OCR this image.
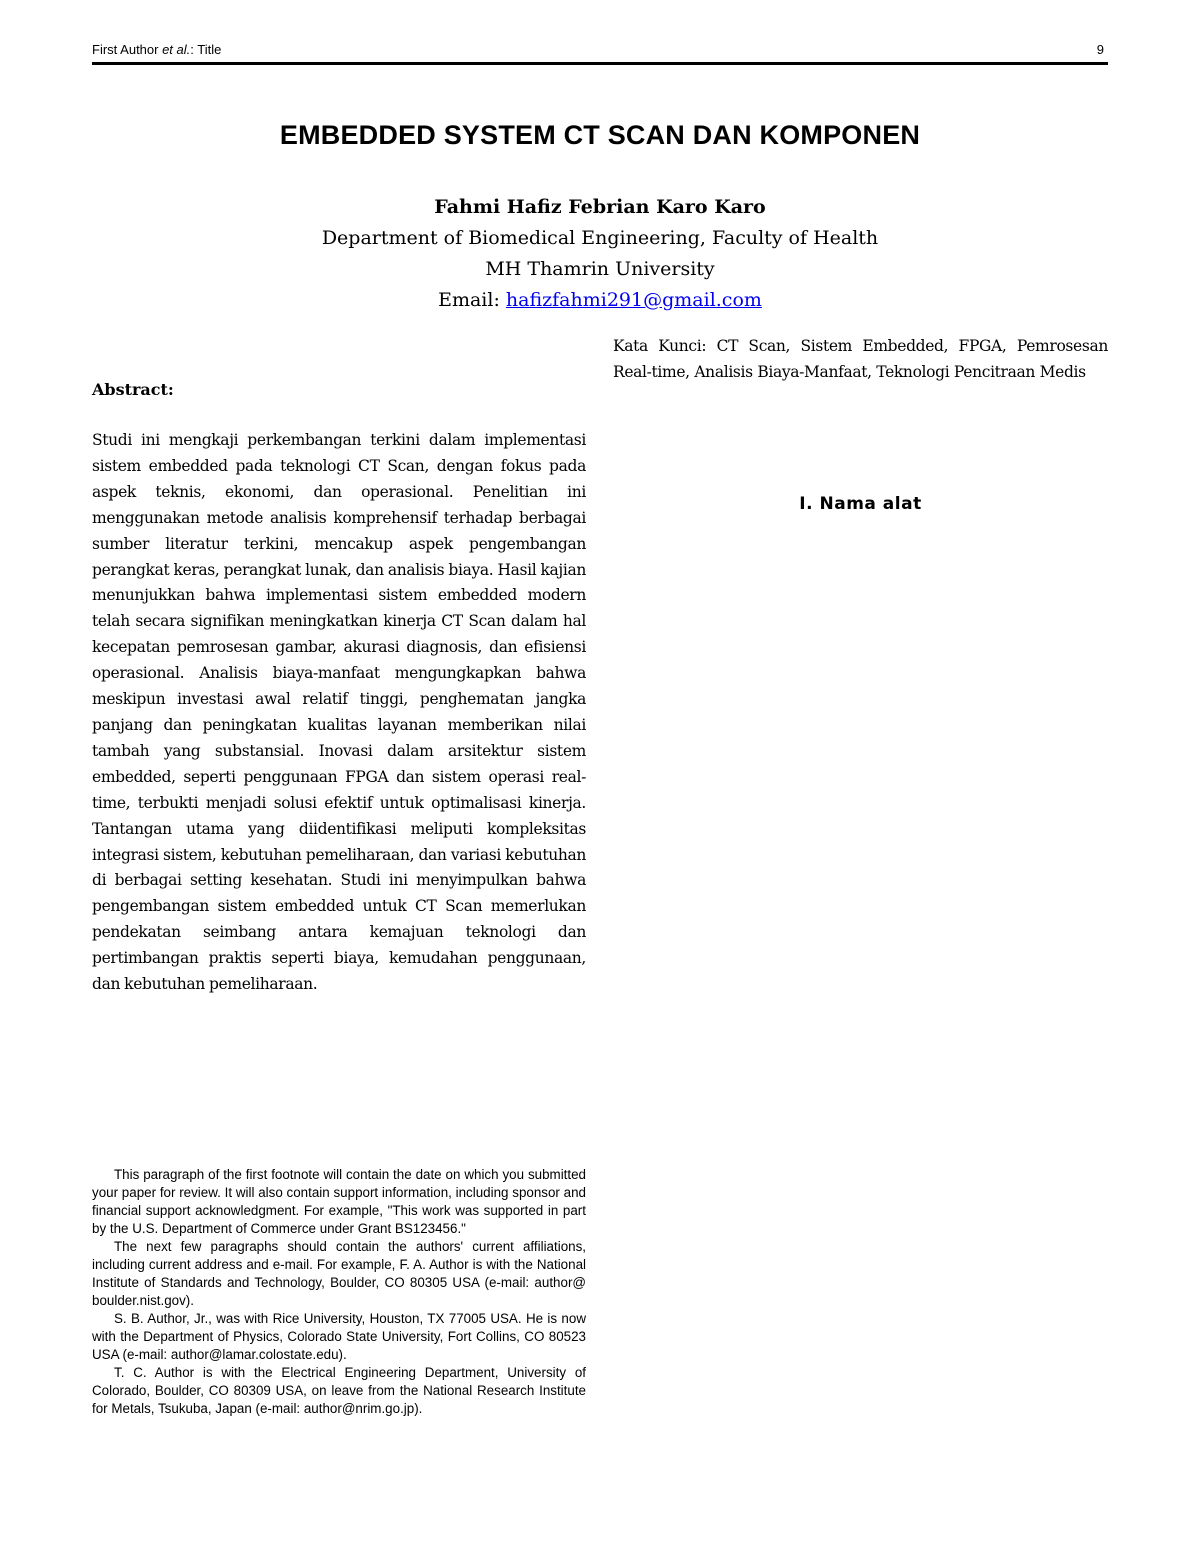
First Author et al.: Title	9
EMBEDDED SYSTEM CT SCAN DAN KOMPONEN
Fahmi Hafiz Febrian Karo Karo
Department of Biomedical Engineering, Faculty of Health
MH Thamrin University
Email: hafizfahmi291@gmail.com

Abstract:

Studi ini mengkaji perkembangan terkini dalam implementasi sistem embedded pada teknologi CT Scan, dengan fokus pada aspek teknis, ekonomi, dan operasional. Penelitian ini menggunakan metode analisis komprehensif terhadap berbagai sumber literatur terkini, mencakup aspek pengembangan perangkat keras, perangkat lunak, dan analisis biaya. Hasil kajian menunjukkan bahwa implementasi sistem embedded modern telah secara signifikan meningkatkan kinerja CT Scan dalam hal kecepatan pemrosesan gambar, akurasi diagnosis, dan efisiensi operasional. Analisis biaya-manfaat mengungkapkan bahwa meskipun investasi awal relatif tinggi, penghematan jangka panjang dan peningkatan kualitas layanan memberikan nilai tambah yang substansial. Inovasi dalam arsitektur sistem embedded, seperti penggunaan FPGA dan sistem operasi real-time, terbukti menjadi solusi efektif untuk optimalisasi kinerja. Tantangan utama yang diidentifikasi meliputi kompleksitas integrasi sistem, kebutuhan pemeliharaan, dan variasi kebutuhan di berbagai setting kesehatan. Studi ini menyimpulkan bahwa pengembangan sistem embedded untuk CT Scan memerlukan pendekatan seimbang antara kemajuan teknologi dan pertimbangan praktis seperti biaya, kemudahan penggunaan, dan kebutuhan pemeliharaan.

Kata Kunci: CT Scan, Sistem Embedded, FPGA, Pemrosesan Real-time, Analisis Biaya-Manfaat, Teknologi Pencitraan Medis

I. Nama alat

This paragraph of the first footnote will contain the date on which you submitted your paper for review. It will also contain support information, including sponsor and financial support acknowledgment. For example, "This work was supported in part by the U.S. Department of Commerce under Grant BS123456."

The next few paragraphs should contain the authors' current affiliations, including current address and e-mail. For example, F. A. Author is with the National Institute of Standards and Technology, Boulder, CO 80305 USA (e-mail: author@ boulder.nist.gov).

S. B. Author, Jr., was with Rice University, Houston, TX 77005 USA. He is now with the Department of Physics, Colorado State University, Fort Collins, CO 80523 USA (e-mail: author@lamar.colostate.edu).

T. C. Author is with the Electrical Engineering Department, University of Colorado, Boulder, CO 80309 USA, on leave from the National Research Institute for Metals, Tsukuba, Japan (e-mail: author@nrim.go.jp).
